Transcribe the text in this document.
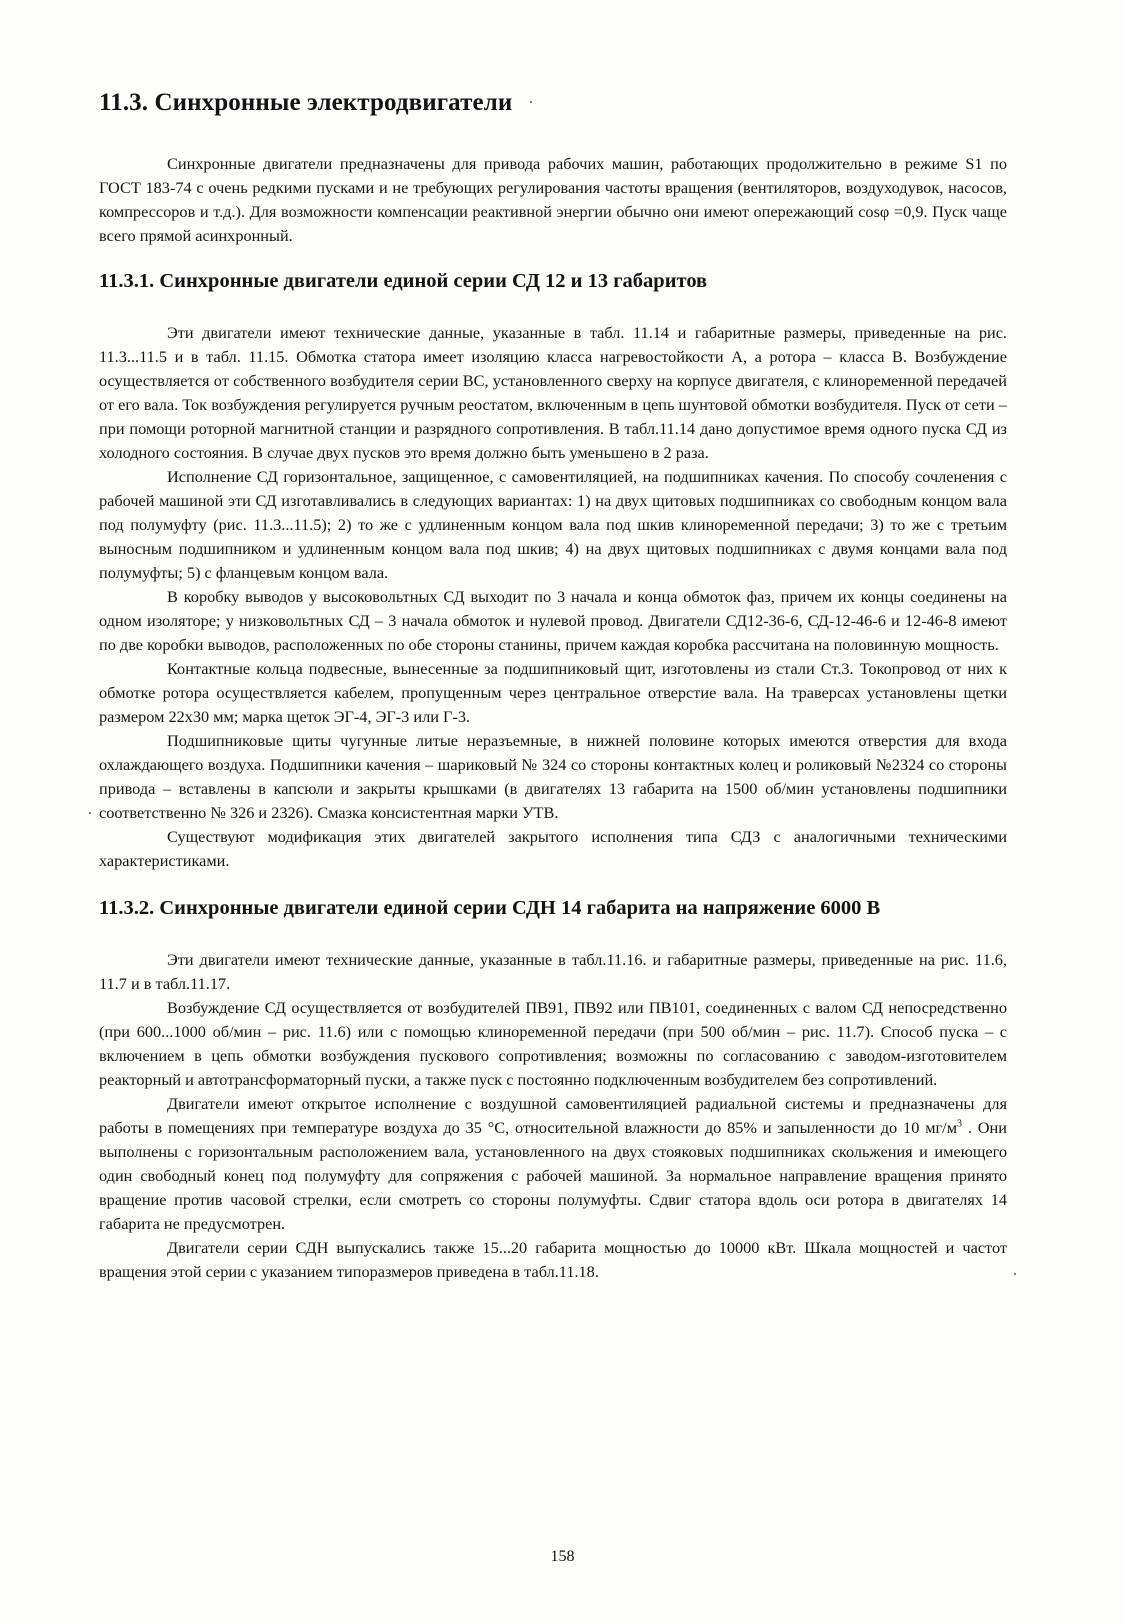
11.3. Синхронные электродвигатели

Синхронные двигатели предназначены для привода рабочих машин, работающих продолжительно в режиме S1 по ГОСТ 183-74 с очень редкими пусками и не требующих регулирования частоты вращения (вентиляторов, воздуходувок, насосов, компрессоров и т.д.). Для возможности компенсации реактивной энергии обычно они имеют опережающий cosφ =0,9. Пуск чаще всего прямой асинхронный.

11.3.1. Синхронные двигатели единой серии СД 12 и 13 габаритов

Эти двигатели имеют технические данные, указанные в табл. 11.14 и габаритные размеры, приведенные на рис. 11.3...11.5 и в табл. 11.15. Обмотка статора имеет изоляцию класса нагревостойкости А, а ротора – класса В. Возбуждение осуществляется от собственного возбудителя серии ВС, установленного сверху на корпусе двигателя, с клиноременной передачей от его вала. Ток возбуждения регулируется ручным реостатом, включенным в цепь шунтовой обмотки возбудителя. Пуск от сети – при помощи роторной магнитной станции и разрядного сопротивления. В табл.11.14 дано допустимое время одного пуска СД из холодного состояния. В случае двух пусков это время должно быть уменьшено в 2 раза.

Исполнение СД горизонтальное, защищенное, с самовентиляцией, на подшипниках качения. По способу сочленения с рабочей машиной эти СД изготавливались в следующих вариантах: 1) на двух щитовых подшипниках со свободным концом вала под полумуфту (рис. 11.3...11.5); 2) то же с удлиненным концом вала под шкив клиноременной передачи; 3) то же с третьим выносным подшипником и удлиненным концом вала под шкив; 4) на двух щитовых подшипниках с двумя концами вала под полумуфты; 5) с фланцевым концом вала.

В коробку выводов у высоковольтных СД выходит по 3 начала и конца обмоток фаз, причем их концы соединены на одном изоляторе; у низковольтных СД – 3 начала обмоток и нулевой провод. Двигатели СД12-36-6, СД-12-46-6 и 12-46-8 имеют по две коробки выводов, расположенных по обе стороны станины, причем каждая коробка рассчитана на половинную мощность.

Контактные кольца подвесные, вынесенные за подшипниковый щит, изготовлены из стали Ст.3. Токопровод от них к обмотке ротора осуществляется кабелем, пропущенным через центральное отверстие вала. На траверсах установлены щетки размером 22x30 мм; марка щеток ЭГ-4, ЭГ-3 или Г-3.

Подшипниковые щиты чугунные литые неразъемные, в нижней половине которых имеются отверстия для входа охлаждающего воздуха. Подшипники качения – шариковый № 324 со стороны контактных колец и роликовый №2324 со стороны привода – вставлены в капсюли и закрыты крышками (в двигателях 13 габарита на 1500 об/мин установлены подшипники соответственно № 326 и 2326). Смазка консистентная марки УТВ.

Существуют модификация этих двигателей закрытого исполнения типа СДЗ с аналогичными техническими характеристиками.

11.3.2. Синхронные двигатели единой серии СДН 14 габарита на напряжение 6000 В

Эти двигатели имеют технические данные, указанные в табл.11.16. и габаритные размеры, приведенные на рис. 11.6, 11.7 и в табл.11.17.

Возбуждение СД осуществляется от возбудителей ПВ91, ПВ92 или ПВ101, соединенных с валом СД непосредственно (при 600...1000 об/мин – рис. 11.6) или с помощью клиноременной передачи (при 500 об/мин – рис. 11.7). Способ пуска – с включением в цепь обмотки возбуждения пускового сопротивления; возможны по согласованию с заводом-изготовителем реакторный и автотрансформаторный пуски, а также пуск с постоянно подключенным возбудителем без сопротивлений.

Двигатели имеют открытое исполнение с воздушной самовентиляцией радиальной системы и предназначены для работы в помещениях при температуре воздуха до 35 °С, относительной влажности до 85% и запыленности до 10 $мг/м^3$ . Они выполнены с горизонтальным расположением вала, установленного на двух стояковых подшипниках скольжения и имеющего один свободный конец под полумуфту для сопряжения с рабочей машиной. За нормальное направление вращения принято вращение против часовой стрелки, если смотреть со стороны полумуфты. Сдвиг статора вдоль оси ротора в двигателях 14 габарита не предусмотрен.

Двигатели серии СДН выпускались также 15...20 габарита мощностью до 10000 кВт. Шкала мощностей и частот вращения этой серии с указанием типоразмеров приведена в табл.11.18.

158
